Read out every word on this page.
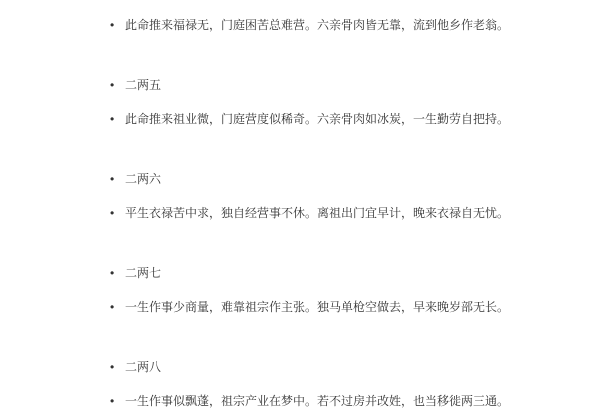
• 此命推来福禄无，门庭困苦总难营。六亲骨肉皆无靠，流到他乡作老翁。
• 二两五
• 此命推来祖业微，门庭营度似稀奇。六亲骨肉如冰炭，一生勤劳自把持。
• 二两六
• 平生衣禄苦中求，独自经营事不休。离祖出门宜早计，晚来衣禄自无忧。
• 二两七
• 一生作事少商量，难靠祖宗作主张。独马单枪空做去，早来晚岁部无长。
• 二两八
• 一生作事似飘蓬，祖宗产业在梦中。若不过房并改姓，也当移徙两三通。
